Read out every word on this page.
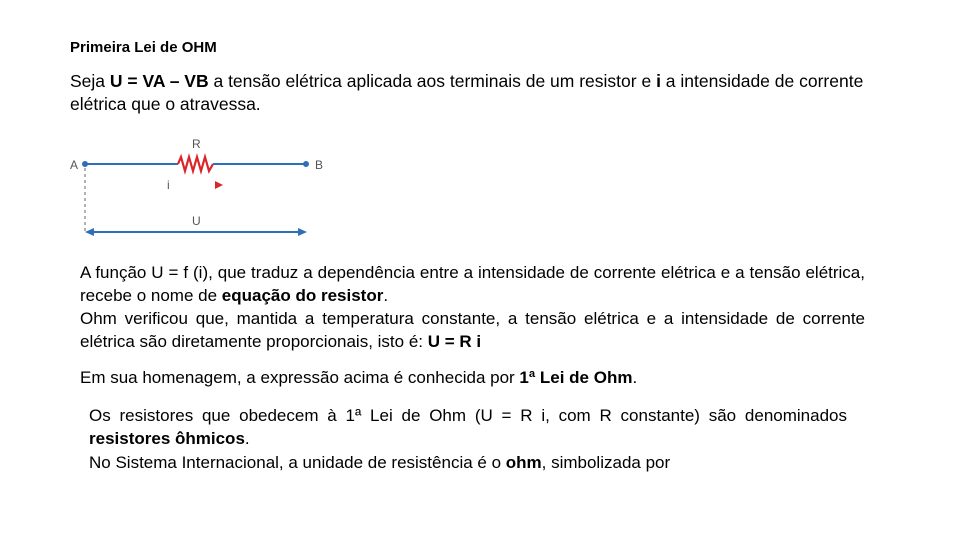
Primeira Lei de OHM
Seja U = VA – VB a tensão elétrica aplicada aos terminais de um resistor e i a intensidade de corrente elétrica que o atravessa.
R
A	B
i
U
A função U = f (i), que traduz a dependência entre a intensidade de corrente elétrica e a tensão elétrica, recebe o nome de equação do resistor.
Ohm verificou que, mantida a temperatura constante, a tensão elétrica e a intensidade de corrente elétrica são diretamente proporcionais, isto é: U = R i
Em sua homenagem, a expressão acima é conhecida por 1ª Lei de Ohm.
Os resistores que obedecem à 1ª Lei de Ohm (U = R i, com R constante) são denominados resistores ôhmicos.
No Sistema Internacional, a unidade de resistência é o ohm, simbolizada por
